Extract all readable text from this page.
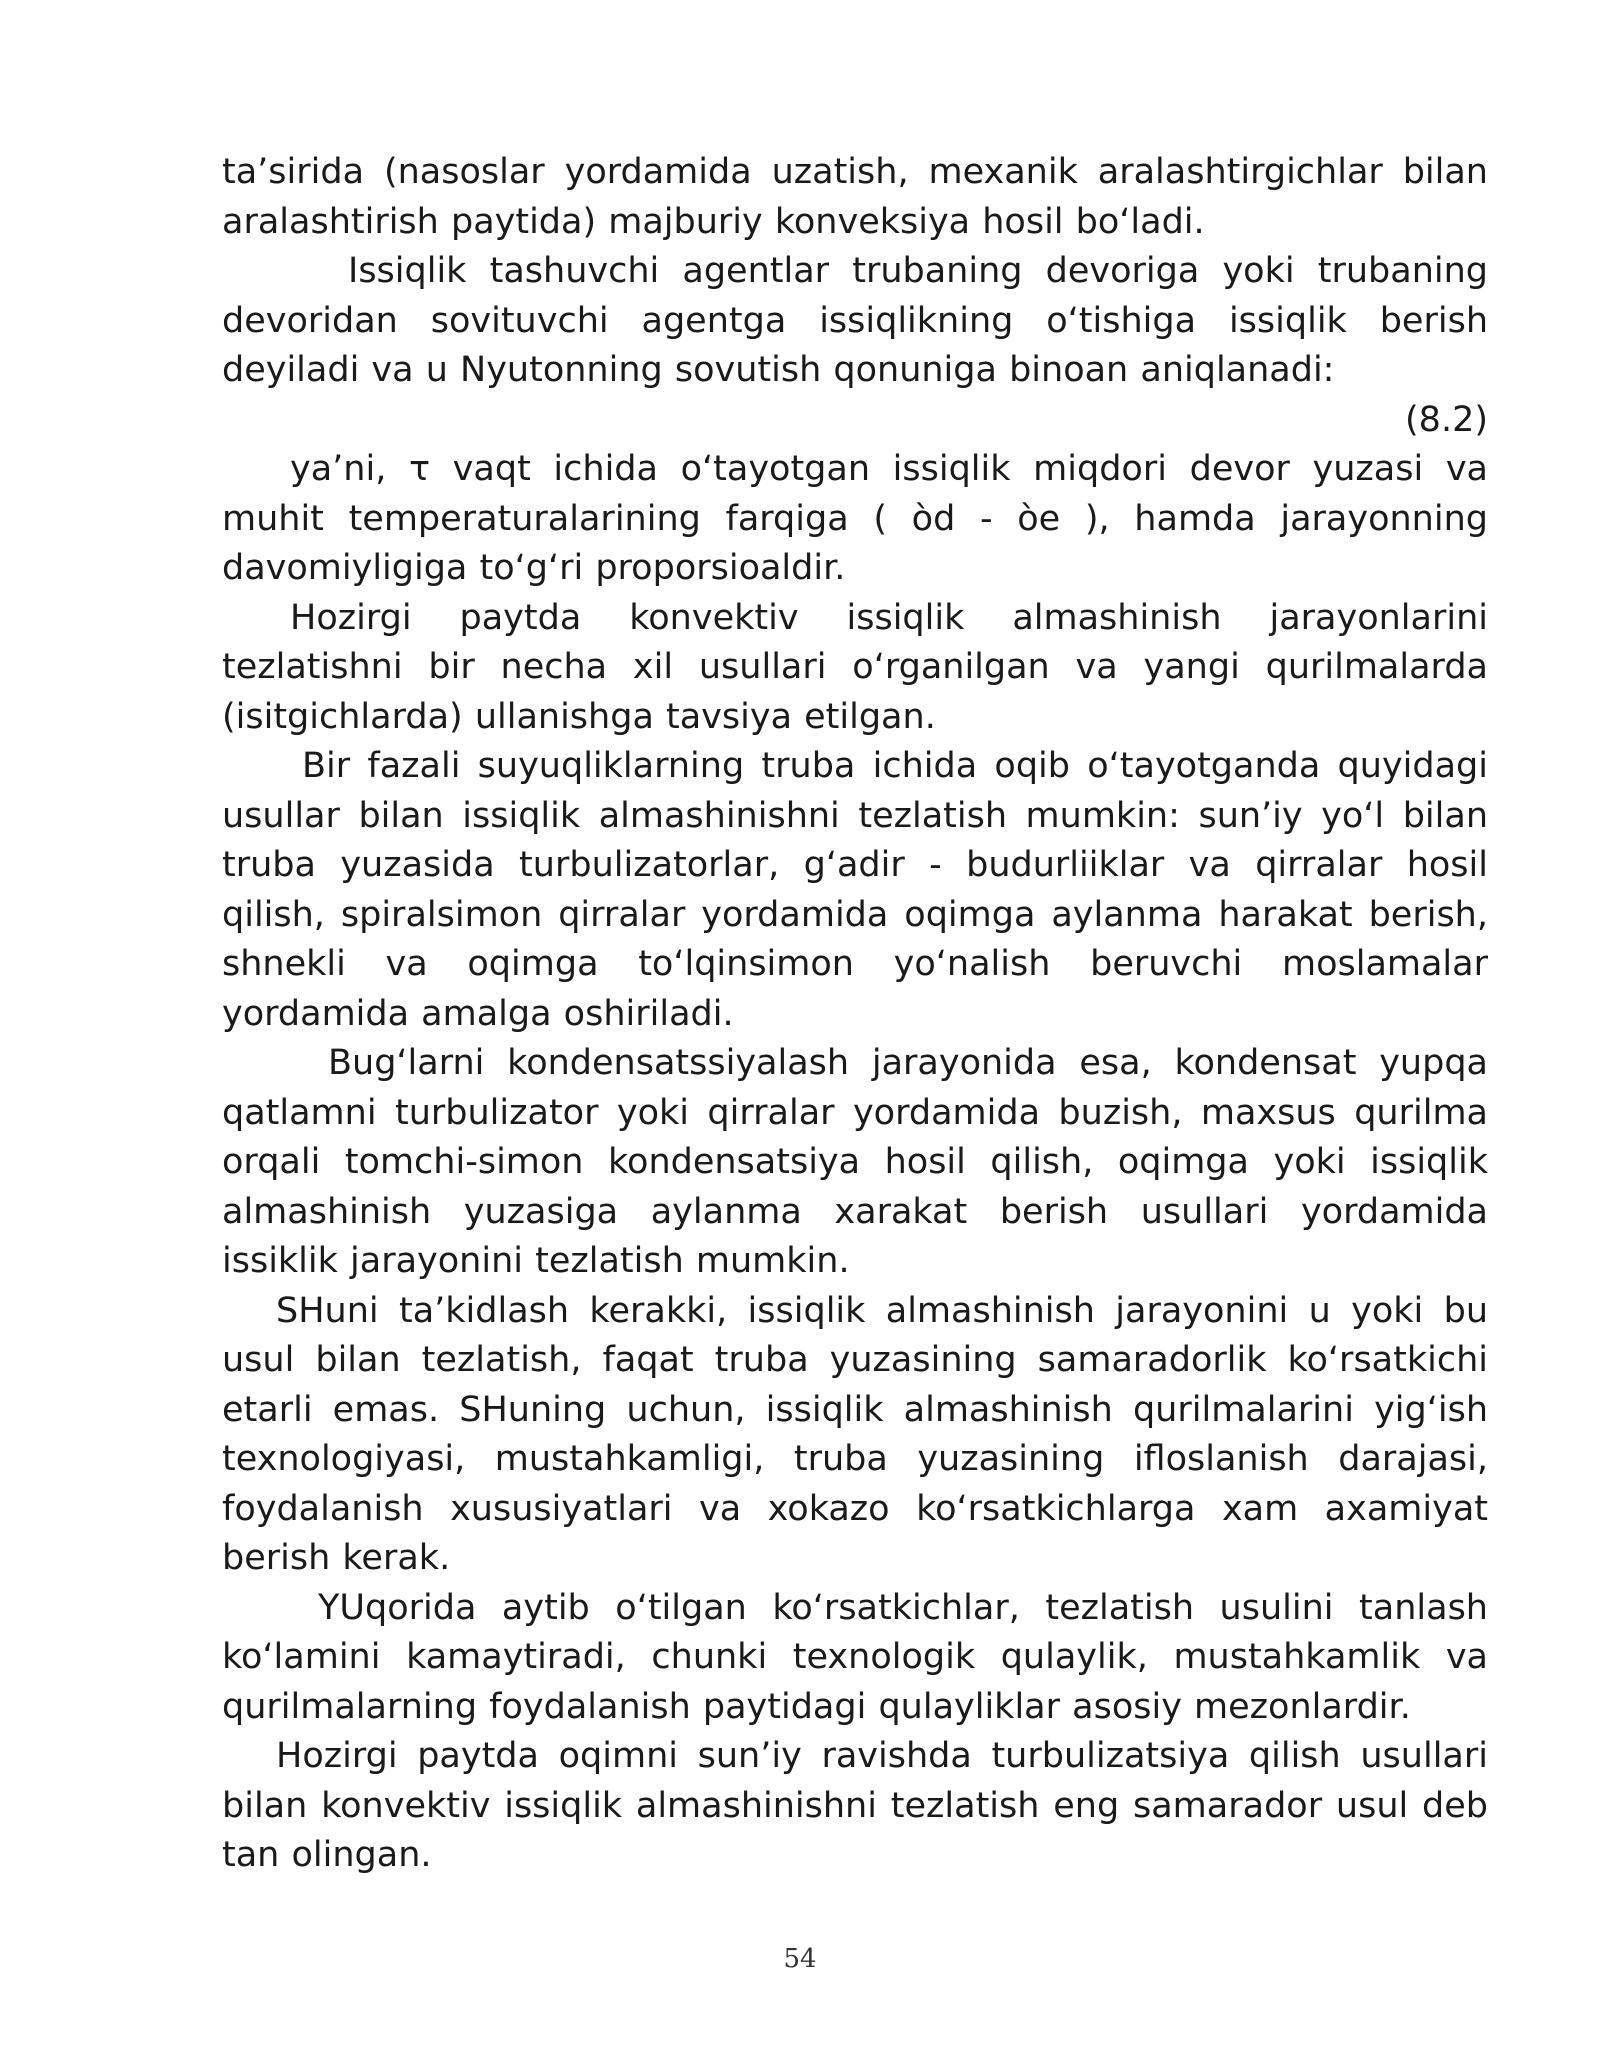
ta’sirida (nasoslar yordamida uzatish, mexanik aralashtirgichlar bilan aralashtirish paytida) majburiy konveksiya hosil bo‘ladi.

Issiqlik tashuvchi agentlar trubaning devoriga yoki trubaning devoridan sovituvchi agentga issiqlikning o‘tishiga issiqlik berish deyiladi va u Nyutonning sovutish qonuniga binoan aniqlanadi:

(8.2)

ya’ni, τ vaqt ichida o‘tayotgan issiqlik miqdori devor yuzasi va muhit temperaturalarining farqiga ( òd - òe ), hamda jarayonning davomiyligiga to‘g‘ri proporsioaldir.

Hozirgi paytda konvektiv issiqlik almashinish jarayonlarini tezlatishni bir necha xil usullari o‘rganilgan va yangi qurilmalarda (isitgichlarda) ullanishga tavsiya etilgan.

Bir fazali suyuqliklarning truba ichida oqib o‘tayotganda quyidagi usullar bilan issiqlik almashinishni tezlatish mumkin: sun’iy yo‘l bilan truba yuzasida turbulizatorlar, g‘adir - budurliiklar va qirralar hosil qilish, spiralsimon qirralar yordamida oqimga aylanma harakat berish, shnekli va oqimga to‘lqinsimon yo‘nalish beruvchi moslamalar yordamida amalga oshiriladi.

Bug‘larni kondensatssiyalash jarayonida esa, kondensat yupqa qatlamni turbulizator yoki qirralar yordamida buzish, maxsus qurilma orqali tomchi-simon kondensatsiya hosil qilish, oqimga yoki issiqlik almashinish yuzasiga aylanma xarakat berish usullari yordamida issiklik jarayonini tezlatish mumkin.

SHuni ta’kidlash kerakki, issiqlik almashinish jarayonini u yoki bu usul bilan tezlatish, faqat truba yuzasining samaradorlik ko‘rsatkichi etarli emas. SHuning uchun, issiqlik almashinish qurilmalarini yig‘ish texnologiyasi, mustahkamligi, truba yuzasining ifloslanish darajasi, foydalanish xususiyatlari va xokazo ko‘rsatkichlarga xam axamiyat berish kerak.

YUqorida aytib o‘tilgan ko‘rsatkichlar, tezlatish usulini tanlash ko‘lamini kamaytiradi, chunki texnologik qulaylik, mustahkamlik va qurilmalarning foydalanish paytidagi qulayliklar asosiy mezonlardir.

Hozirgi paytda oqimni sun’iy ravishda turbulizatsiya qilish usullari bilan konvektiv issiqlik almashinishni tezlatish eng samarador usul deb tan olingan.

54
